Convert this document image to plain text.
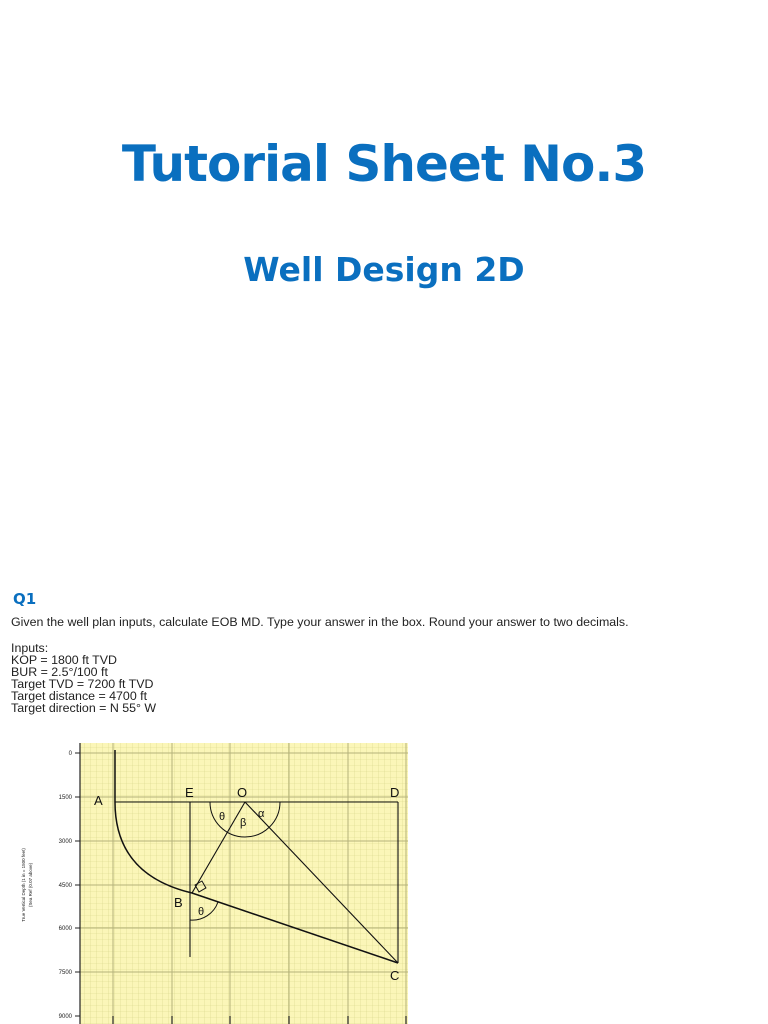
Tutorial Sheet No.3
Well Design 2D
Q1
Given the well plan inputs, calculate EOB MD. Type your answer in the box. Round your answer to two decimals.
Inputs:
KOP = 1800 ft TVD
BUR = 2.5°/100 ft
Target TVD = 7200 ft TVD
Target distance = 4700 ft
Target direction = N 55° W
0
1500
3000
4500
6000
7500
9000
True Vertical Depth (1 in = 1500 feet) (Sea Ref (0.07 above)
A
E	O	D
B
C
θ β
α
θ
